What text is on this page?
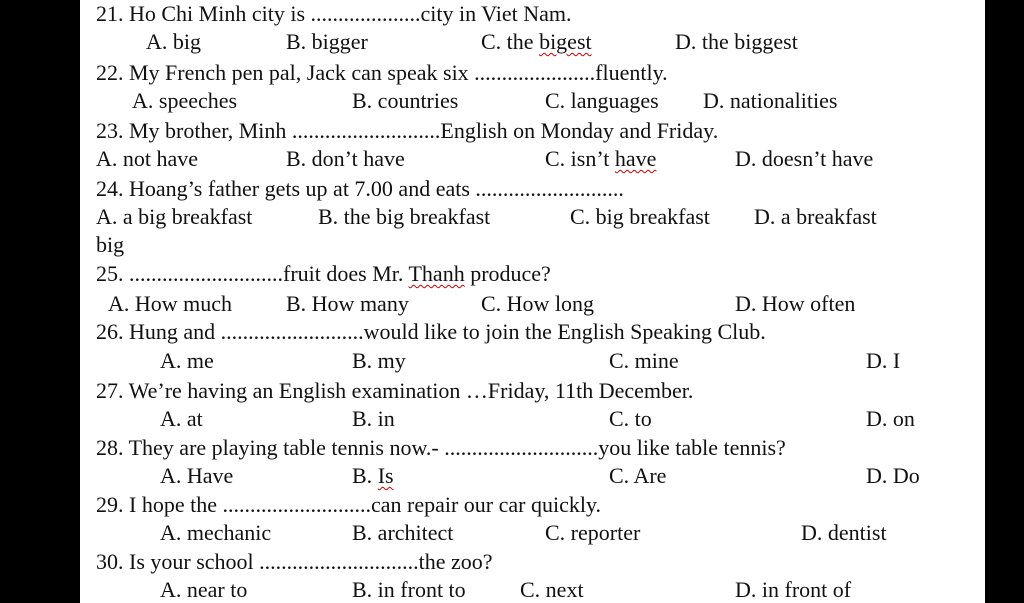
21. Ho Chi Minh city is ....................city in Viet Nam.
A. big	B. bigger	C. the bigest	D. the biggest
22. My French pen pal, Jack can speak six ......................fluently.
A. speeches	B. countries	C. languages D. nationalities
23. My brother, Minh ...........................English on Monday and Friday.
A. not have	B. don’t have	C. isn’t have	D. doesn’t have
24. Hoang’s father gets up at 7.00 and eats ...........................
A. a big breakfast	B. the big breakfast	C. big breakfast D. a breakfast
big
25. ............................fruit does Mr. Thanh produce?
A. How much B. How many	C. How long	D. How often
26. Hung and ..........................would like to join the English Speaking Club.
A. me	B. my	C. mine	D. I
27. We’re having an English examination …Friday, 11th December.
A. at	B. in	C. to	D. on
28. They are playing table tennis now.- ............................you like table tennis?
A. Have	B. Is	C. Are	D. Do
29. I hope the ...........................can repair our car quickly.
A. mechanic	B. architect	C. reporter	D. dentist
30. Is your school .............................the zoo?
A. near to	B. in front to C. next	D. in front of
